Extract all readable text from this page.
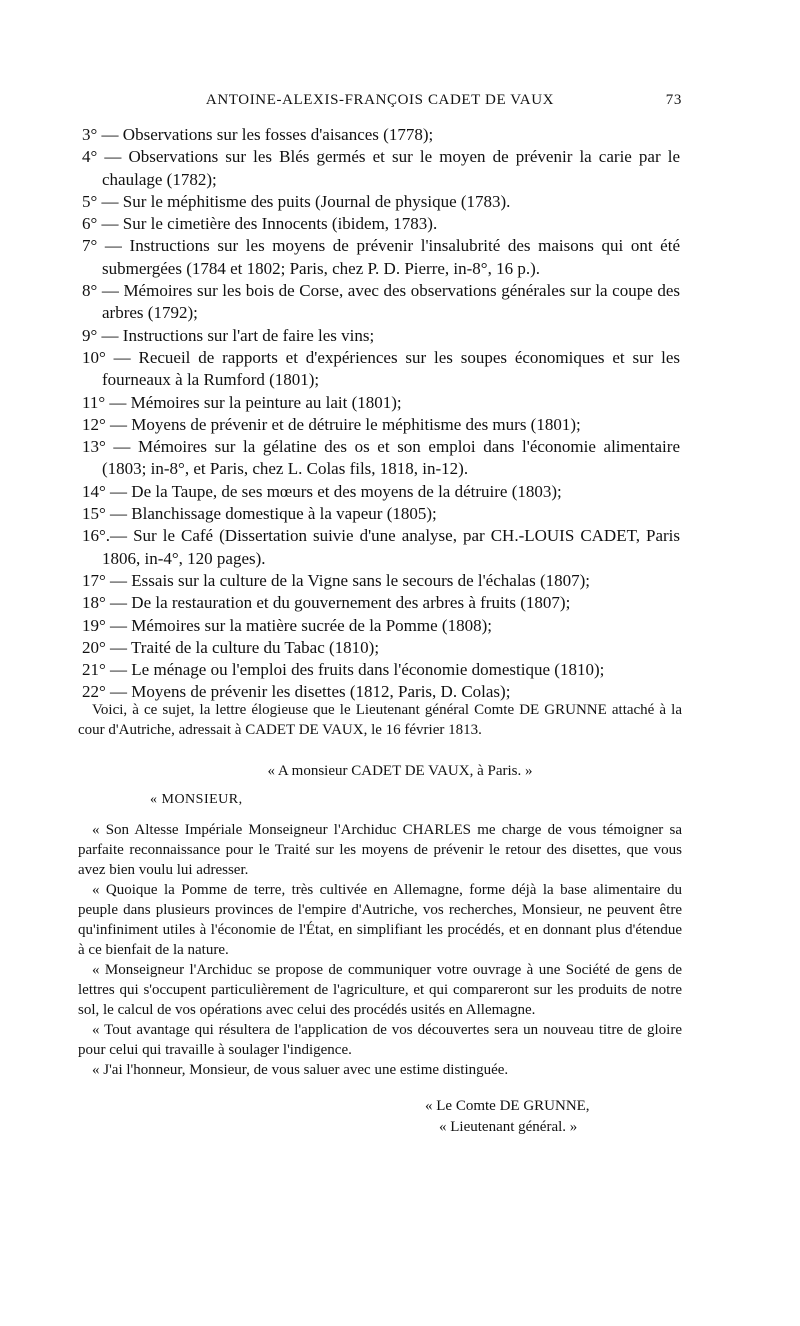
ANTOINE-ALEXIS-FRANÇOIS CADET DE VAUX	73
3° — Observations sur les fosses d'aisances (1778);
4° — Observations sur les Blés germés et sur le moyen de prévenir la carie par le chaulage (1782);
5° — Sur le méphitisme des puits (Journal de physique (1783).
6° — Sur le cimetière des Innocents (ibidem, 1783).
7° — Instructions sur les moyens de prévenir l'insalubrité des maisons qui ont été submergées (1784 et 1802; Paris, chez P. D. Pierre, in-8°, 16 p.).
8° — Mémoires sur les bois de Corse, avec des observations générales sur la coupe des arbres (1792);
9° — Instructions sur l'art de faire les vins;
10° — Recueil de rapports et d'expériences sur les soupes économiques et sur les fourneaux à la Rumford (1801);
11° — Mémoires sur la peinture au lait (1801);
12° — Moyens de prévenir et de détruire le méphitisme des murs (1801);
13° — Mémoires sur la gélatine des os et son emploi dans l'économie alimentaire (1803; in-8°, et Paris, chez L. Colas fils, 1818, in-12).
14° — De la Taupe, de ses mœurs et des moyens de la détruire (1803);
15° — Blanchissage domestique à la vapeur (1805);
16°.— Sur le Café (Dissertation suivie d'une analyse, par CH.-LOUIS CADET, Paris 1806, in-4°, 120 pages).
17° — Essais sur la culture de la Vigne sans le secours de l'échalas (1807);
18° — De la restauration et du gouvernement des arbres à fruits (1807);
19° — Mémoires sur la matière sucrée de la Pomme (1808);
20° — Traité de la culture du Tabac (1810);
21° — Le ménage ou l'emploi des fruits dans l'économie domestique (1810);
22° — Moyens de prévenir les disettes (1812, Paris, D. Colas);

Voici, à ce sujet, la lettre élogieuse que le Lieutenant général Comte DE GRUNNE attaché à la cour d'Autriche, adressait à CADET DE VAUX, le 16 février 1813.

« A monsieur CADET DE VAUX, à Paris. »
« MONSIEUR,

« Son Altesse Impériale Monseigneur l'Archiduc CHARLES me charge de vous témoigner sa parfaite reconnaissance pour le Traité sur les moyens de prévenir le retour des disettes, que vous avez bien voulu lui adresser.

« Quoique la Pomme de terre, très cultivée en Allemagne, forme déjà la base alimentaire du peuple dans plusieurs provinces de l'empire d'Autriche, vos recherches, Monsieur, ne peuvent être qu'infiniment utiles à l'économie de l'État, en simplifiant les procédés, et en donnant plus d'étendue à ce bienfait de la nature.

« Monseigneur l'Archiduc se propose de communiquer votre ouvrage à une Société de gens de lettres qui s'occupent particulièrement de l'agriculture, et qui compareront sur les produits de notre sol, le calcul de vos opérations avec celui des procédés usités en Allemagne.

« Tout avantage qui résultera de l'application de vos découvertes sera un nouveau titre de gloire pour celui qui travaille à soulager l'indigence.

« J'ai l'honneur, Monsieur, de vous saluer avec une estime distinguée.

« Le Comte DE GRUNNE,
« Lieutenant général. »
